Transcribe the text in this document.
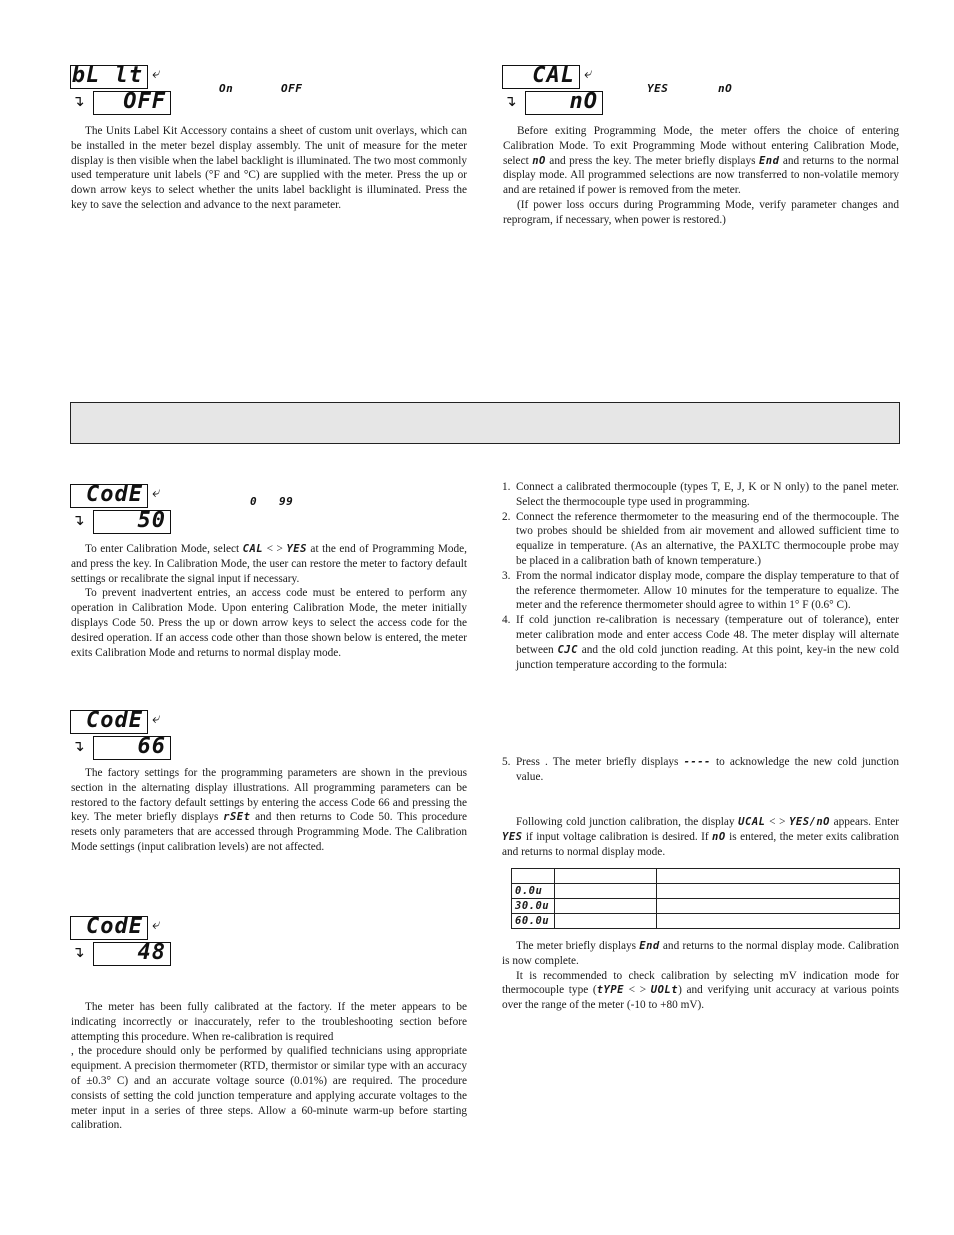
bL lt ⤶
↴ OFF
On	OFF

The Units Label Kit Accessory contains a sheet of custom unit overlays, which can be installed in the meter bezel display assembly. The unit of measure for the meter display is then visible when the label backlight is illuminated. The two most commonly used temperature unit labels (°F and °C) are supplied with the meter. Press the up or down arrow keys to select whether the units label backlight is illuminated. Press the key to save the selection and advance to the next parameter.

CAL ⤶
↴ nO
YES	nO

Before exiting Programming Mode, the meter offers the choice of entering Calibration Mode. To exit Programming Mode without entering Calibration Mode, select nO and press the key. The meter briefly displays End and returns to the normal display mode. All programmed selections are now transferred to non-volatile memory and are retained if power is removed from the meter.

(If power loss occurs during Programming Mode, verify parameter changes and reprogram, if necessary, when power is restored.)

CodE ⤶
↴ 50
0 99

To enter Calibration Mode, select CAL < > YES at the end of Programming Mode, and press the key. In Calibration Mode, the user can restore the meter to factory default settings or recalibrate the signal input if necessary.

To prevent inadvertent entries, an access code must be entered to perform any operation in Calibration Mode. Upon entering Calibration Mode, the meter initially displays Code 50. Press the up or down arrow keys to select the access code for the desired operation. If an access code other than those shown below is entered, the meter exits Calibration Mode and returns to normal display mode.

CodE ⤶
↴ 66

The factory settings for the programming parameters are shown in the previous section in the alternating display illustrations. All programming parameters can be restored to the factory default settings by entering the access Code 66 and pressing the key. The meter briefly displays rSEt and then returns to Code 50. This procedure resets only parameters that are accessed through Programming Mode. The Calibration Mode settings (input calibration levels) are not affected.

CodE ⤶
↴ 48

The meter has been fully calibrated at the factory. If the meter appears to be indicating incorrectly or inaccurately, refer to the troubleshooting section before attempting this procedure. When re-calibration is required

, the procedure should only be performed by qualified technicians using appropriate equipment. A precision thermometer (RTD, thermistor or similar type with an accuracy of ±0.3° C) and an accurate voltage source (0.01%) are required. The procedure consists of setting the cold junction temperature and applying accurate voltages to the meter input in a series of three steps. Allow a 60-minute warm-up before starting calibration.

1. Connect a calibrated thermocouple (types T, E, J, K or N only) to the panel meter. Select the thermocouple type used in programming.
2. Connect the reference thermometer to the measuring end of the thermocouple. The two probes should be shielded from air movement and allowed sufficient time to equalize in temperature. (As an alternative, the PAXLTC thermocouple probe may be placed in a calibration bath of known temperature.)
3. From the normal indicator display mode, compare the display temperature to that of the reference thermometer. Allow 10 minutes for the temperature to equalize. The meter and the reference thermometer should agree to within 1° F (0.6° C).
4. If cold junction re-calibration is necessary (temperature out of tolerance), enter meter calibration mode and enter access Code 48. The meter display will alternate between CJC and the old cold junction reading. At this point, key-in the new cold junction temperature according to the formula:
5. Press . The meter briefly displays ---- to acknowledge the new cold junction value.

Following cold junction calibration, the display UCAL < > YES/nO appears. Enter YES if input voltage calibration is desired. If nO is entered, the meter exits calibration and returns to normal display mode.

0.0u		
30.0u		
60.0u		

The meter briefly displays End and returns to the normal display mode. Calibration is now complete.

It is recommended to check calibration by selecting mV indication mode for thermocouple type (tYPE < > UOLt) and verifying unit accuracy at various points over the range of the meter (-10 to +80 mV).
